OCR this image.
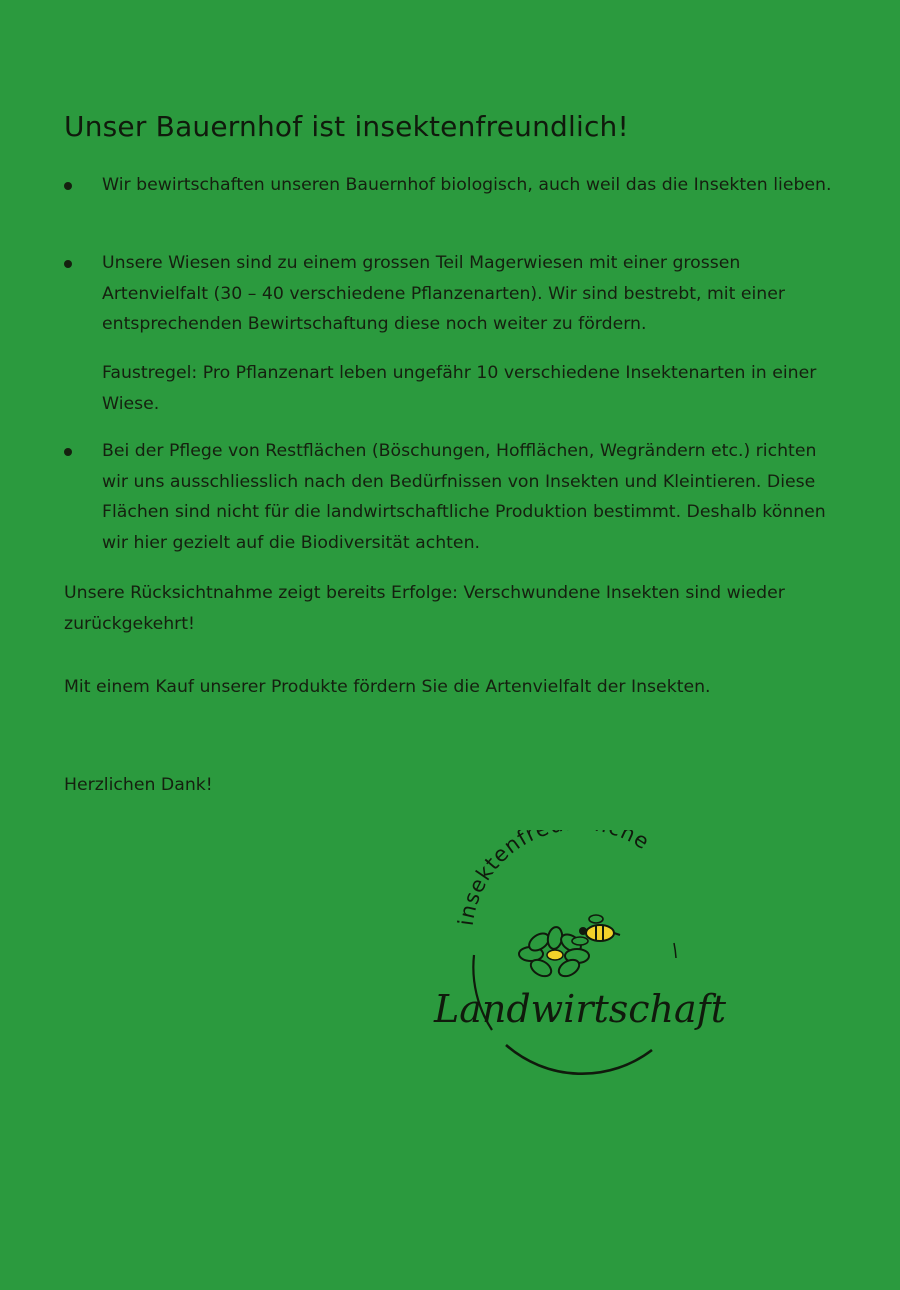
Unser Bauernhof ist insektenfreundlich!
Wir bewirtschaften unseren Bauernhof biologisch, auch weil das die Insekten lieben.
Unsere Wiesen sind zu einem grossen Teil Magerwiesen mit einer grossen Artenvielfalt (30 – 40 verschiedene Pflanzenarten). Wir sind bestrebt, mit einer entsprechenden Bewirtschaftung diese noch weiter zu fördern.
Faustregel: Pro Pflanzenart leben ungefähr 10 verschiedene Insektenarten in einer Wiese.
Bei der Pflege von Restflächen (Böschungen, Hofflächen, Wegrändern etc.) richten wir uns ausschliesslich nach den Bedürfnissen von Insekten und Kleintieren. Diese Flächen sind nicht für die landwirtschaftliche Produktion bestimmt. Deshalb können wir hier gezielt auf die Biodiversität achten.

Unsere Rücksichtnahme zeigt bereits Erfolge: Verschwundene Insekten sind wieder zurückgekehrt!

Mit einem Kauf unserer Produkte fördern Sie die Artenvielfalt der Insekten.

Herzlichen Dank!

insektenfr he
Landwirtschaft
